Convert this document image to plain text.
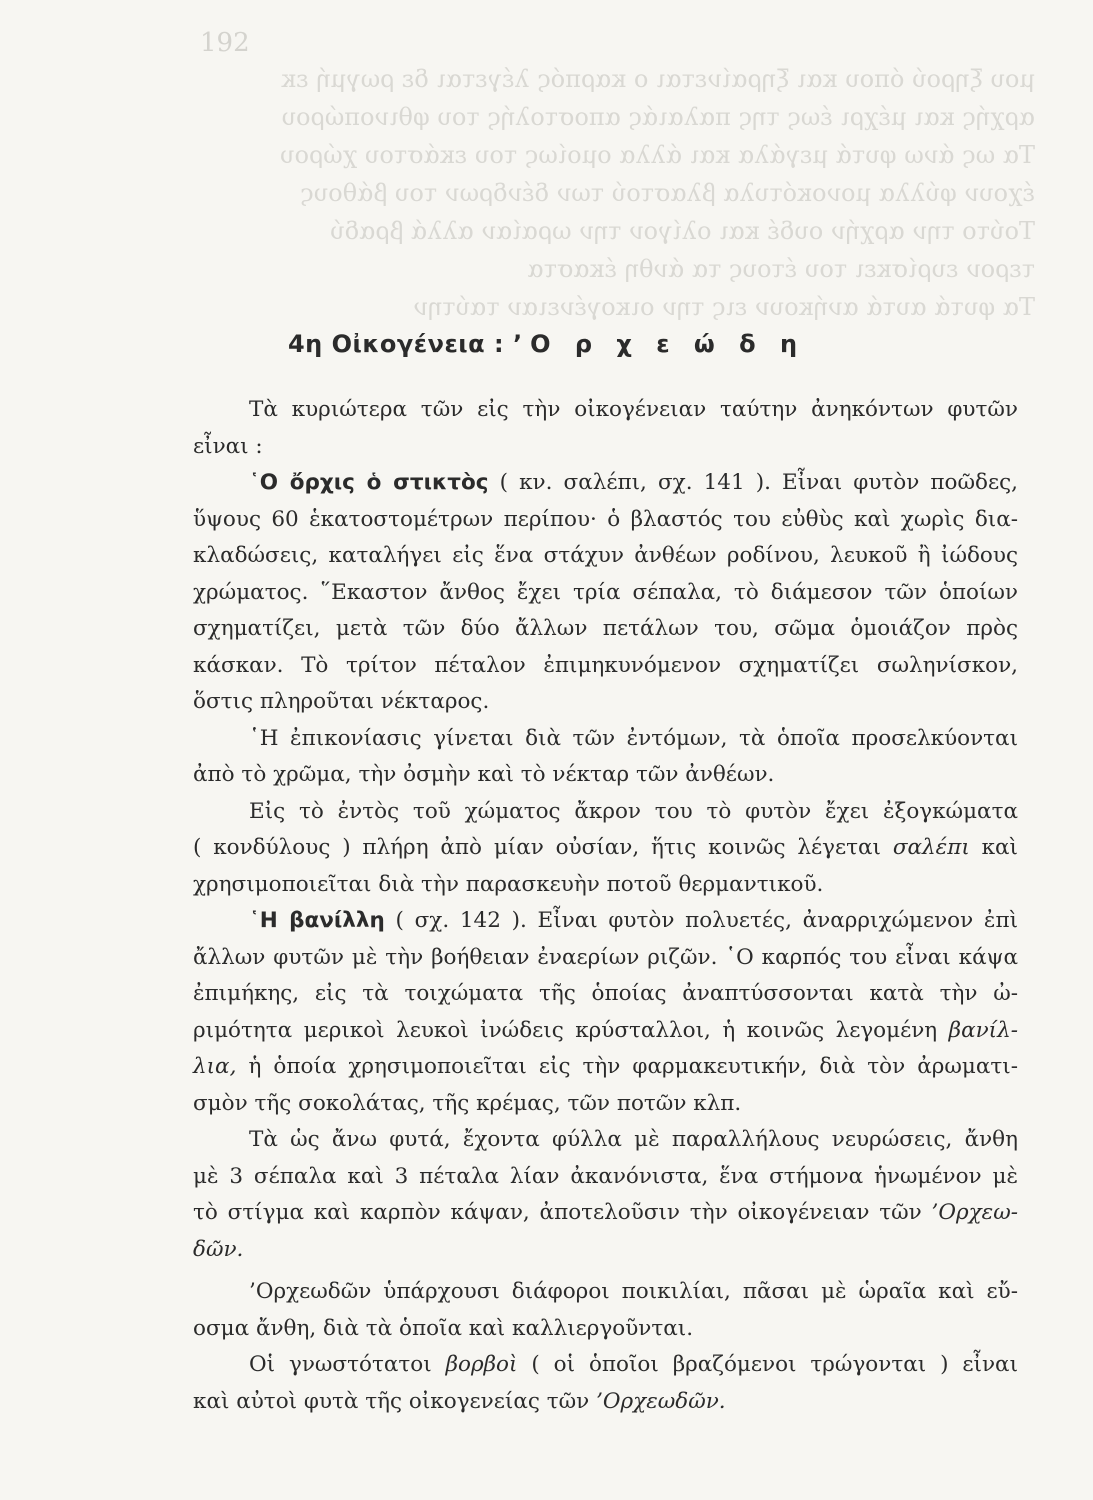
192
μου ξηρού όπου και ξηραίνεται ο καρπός λέγεται δε ρωγμή εκ
αρχής και μέχρι έως της παλαιάς αποστολής του φθινοπώρου
Τα ως άνω φυτά μεγάλα και άλλα ομοίως του εκάστου χώρου
έχουν φύλλα μονοκότυλα βλαστού των δένδρων του βάθους
Τούτο την αρχήν ουδέ και ολίγον την ωραίαν αλλά βραδύ
τερον ευρίσκει του έτους τα άνθη έκαστα
Τα φυτά αυτά ανήκουν εις την οικογένειαν ταύτην
4η Οἰκογένεια : ’Ο ρ χ ε ώ δ η
Τὰ κυριώτερα τῶν εἰς τὴν οἰκογένειαν ταύτην ἀνηκόντων φυτῶν
εἶναι :
῾Ο ὄρχις ὁ στικτὸς ( κν. σαλέπι, σχ. 141 ). Εἶναι φυτὸν ποῶδες,
ὕψους 60 ἑκατοστομέτρων περίπου· ὁ βλαστός του εὐθὺς καὶ χωρὶς δια-
κλαδώσεις, καταλήγει εἰς ἕνα στάχυν ἀνθέων ροδίνου, λευκοῦ ἢ ἰώδους
χρώματος. ῞Εκαστον ἄνθος ἔχει τρία σέπαλα, τὸ διάμεσον τῶν ὁποίων
σχηματίζει, μετὰ τῶν δύο ἄλλων πετάλων του, σῶμα ὁμοιάζον πρὸς
κάσκαν. Τὸ τρίτον πέταλον ἐπιμηκυνόμενον σχηματίζει σωληνίσκον,
ὅστις πληροῦται νέκταρος.
῾Η ἐπικονίασις γίνεται διὰ τῶν ἐντόμων, τὰ ὁποῖα προσελκύονται
ἀπὸ τὸ χρῶμα, τὴν ὀσμὴν καὶ τὸ νέκταρ τῶν ἀνθέων.
Εἰς τὸ ἐντὸς τοῦ χώματος ἄκρον του τὸ φυτὸν ἔχει ἐξογκώματα
( κονδύλους ) πλήρη ἀπὸ μίαν οὐσίαν, ἥτις κοινῶς λέγεται σαλέπι καὶ
χρησιμοποιεῖται διὰ τὴν παρασκευὴν ποτοῦ θερμαντικοῦ.
῾Η βανίλλη ( σχ. 142 ). Εἶναι φυτὸν πολυετές, ἀναρριχώμενον ἐπὶ
ἄλλων φυτῶν μὲ τὴν βοήθειαν ἐναερίων ριζῶν. ῾Ο καρπός του εἶναι κάψα
ἐπιμήκης, εἰς τὰ τοιχώματα τῆς ὁποίας ἀναπτύσσονται κατὰ τὴν ὠ-
ριμότητα μερικοὶ λευκοὶ ἰνώδεις κρύσταλλοι, ἡ κοινῶς λεγομένη βανίλ-
λια, ἡ ὁποία χρησιμοποιεῖται εἰς τὴν φαρμακευτικήν, διὰ τὸν ἀρωματι-
σμὸν τῆς σοκολάτας, τῆς κρέμας, τῶν ποτῶν κλπ.
Τὰ ὡς ἄνω φυτά, ἔχοντα φύλλα μὲ παραλλήλους νευρώσεις, ἄνθη
μὲ 3 σέπαλα καὶ 3 πέταλα λίαν ἀκανόνιστα, ἕνα στήμονα ἡνωμένον μὲ
τὸ στίγμα καὶ καρπὸν κάψαν, ἀποτελοῦσιν τὴν οἰκογένειαν τῶν ’Ορχεω-
δῶν.
’Ορχεωδῶν ὑπάρχουσι διάφοροι ποικιλίαι, πᾶσαι μὲ ὡραῖα καὶ εὔ-
οσμα ἄνθη, διὰ τὰ ὁποῖα καὶ καλλιεργοῦνται.
Οἱ γνωστότατοι βορβοὶ ( οἱ ὁποῖοι βραζόμενοι τρώγονται ) εἶναι
καὶ αὐτοὶ φυτὰ τῆς οἰκογενείας τῶν ’Ορχεωδῶν.
